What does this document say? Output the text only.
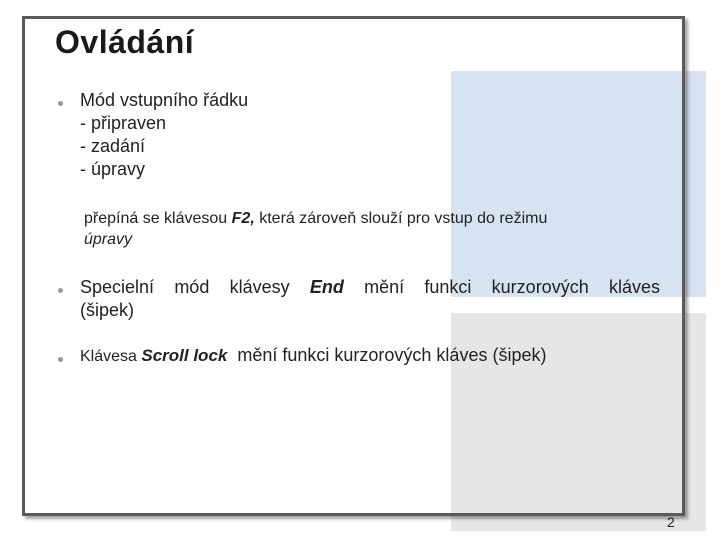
Ovládání
Mód vstupního řádku
- připraven
- zadání
- úpravy
přepíná se klávesou F2, která zároveň slouží pro vstup do režimu
úpravy
Specielní mód klávesy End mění funkci kurzorových kláves
(šipek)
Klávesa Scroll lock  mění funkci kurzorových kláves (šipek)
2
